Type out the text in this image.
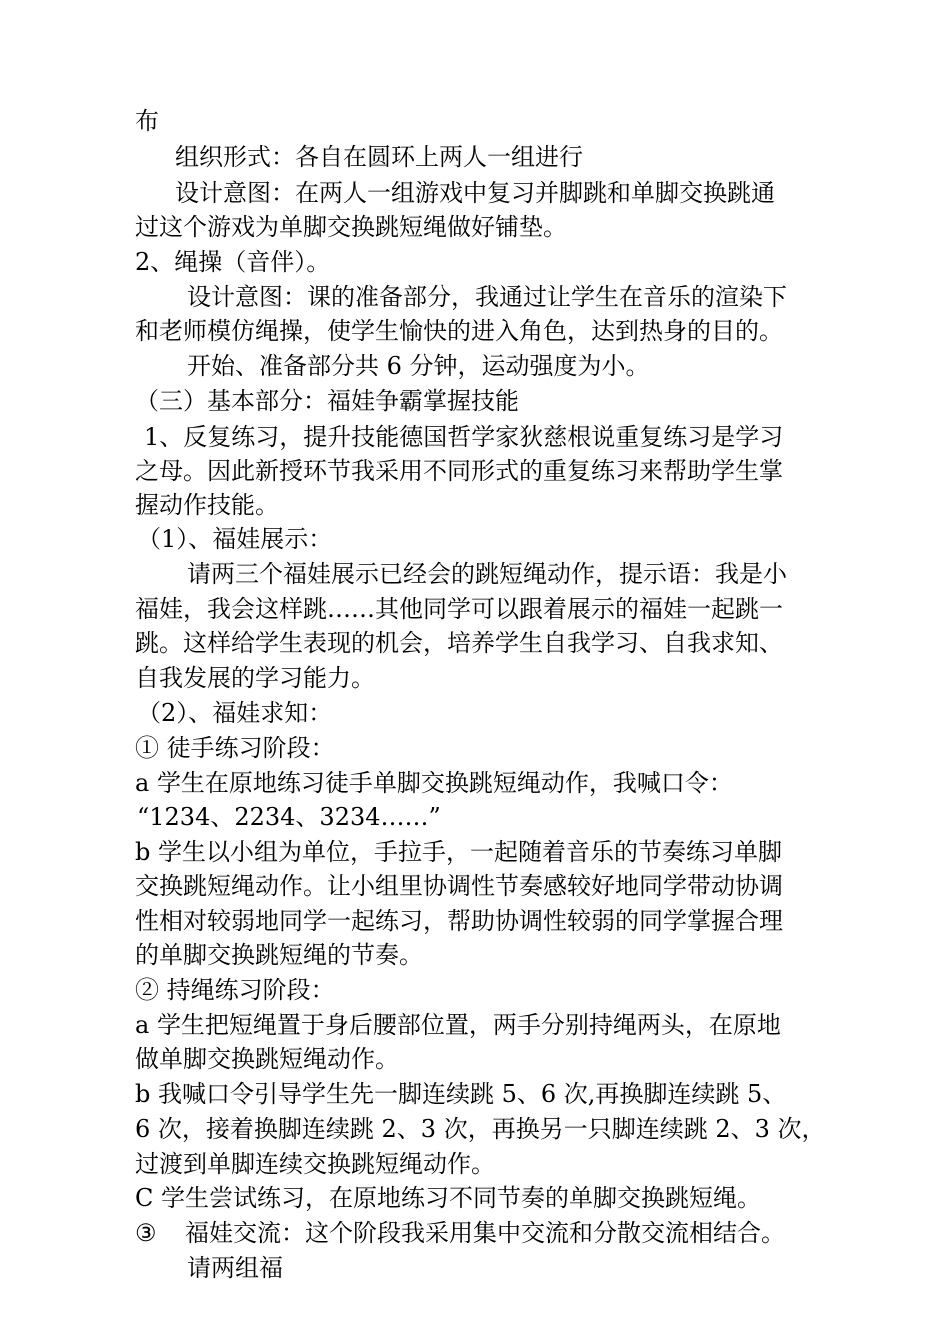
布

组织形式：各自在圆环上两人一组进行

设计意图：在两人一组游戏中复习并脚跳和单脚交换跳通

过这个游戏为单脚交换跳短绳做好铺垫。

2、绳操（音伴）。

设计意图：课的准备部分，我通过让学生在音乐的渲染下

和老师模仿绳操，使学生愉快的进入角色，达到热身的目的。

开始、准备部分共 6 分钟，运动强度为小。

（三）基本部分：福娃争霸掌握技能

1、反复练习，提升技能德国哲学家狄慈根说重复练习是学习

之母。因此新授环节我采用不同形式的重复练习来帮助学生掌

握动作技能。

（1）、福娃展示：

请两三个福娃展示已经会的跳短绳动作，提示语：我是小

福娃，我会这样跳……其他同学可以跟着展示的福娃一起跳一

跳。这样给学生表现的机会，培养学生自我学习、自我求知、

自我发展的学习能力。

（2）、福娃求知：

① 徒手练习阶段：

a 学生在原地练习徒手单脚交换跳短绳动作，我喊口令：

“1234、2234、3234……”

b 学生以小组为单位，手拉手，一起随着音乐的节奏练习单脚

交换跳短绳动作。让小组里协调性节奏感较好地同学带动协调

性相对较弱地同学一起练习，帮助协调性较弱的同学掌握合理

的单脚交换跳短绳的节奏。

② 持绳练习阶段：

a 学生把短绳置于身后腰部位置，两手分别持绳两头，在原地

做单脚交换跳短绳动作。

b 我喊口令引导学生先一脚连续跳 5、6 次,再换脚连续跳 5、

6 次，接着换脚连续跳 2、3 次，再换另一只脚连续跳 2、3 次，

过渡到单脚连续交换跳短绳动作。

C 学生尝试练习，在原地练习不同节奏的单脚交换跳短绳。

③ 福娃交流：这个阶段我采用集中交流和分散交流相结合。

请两组福
